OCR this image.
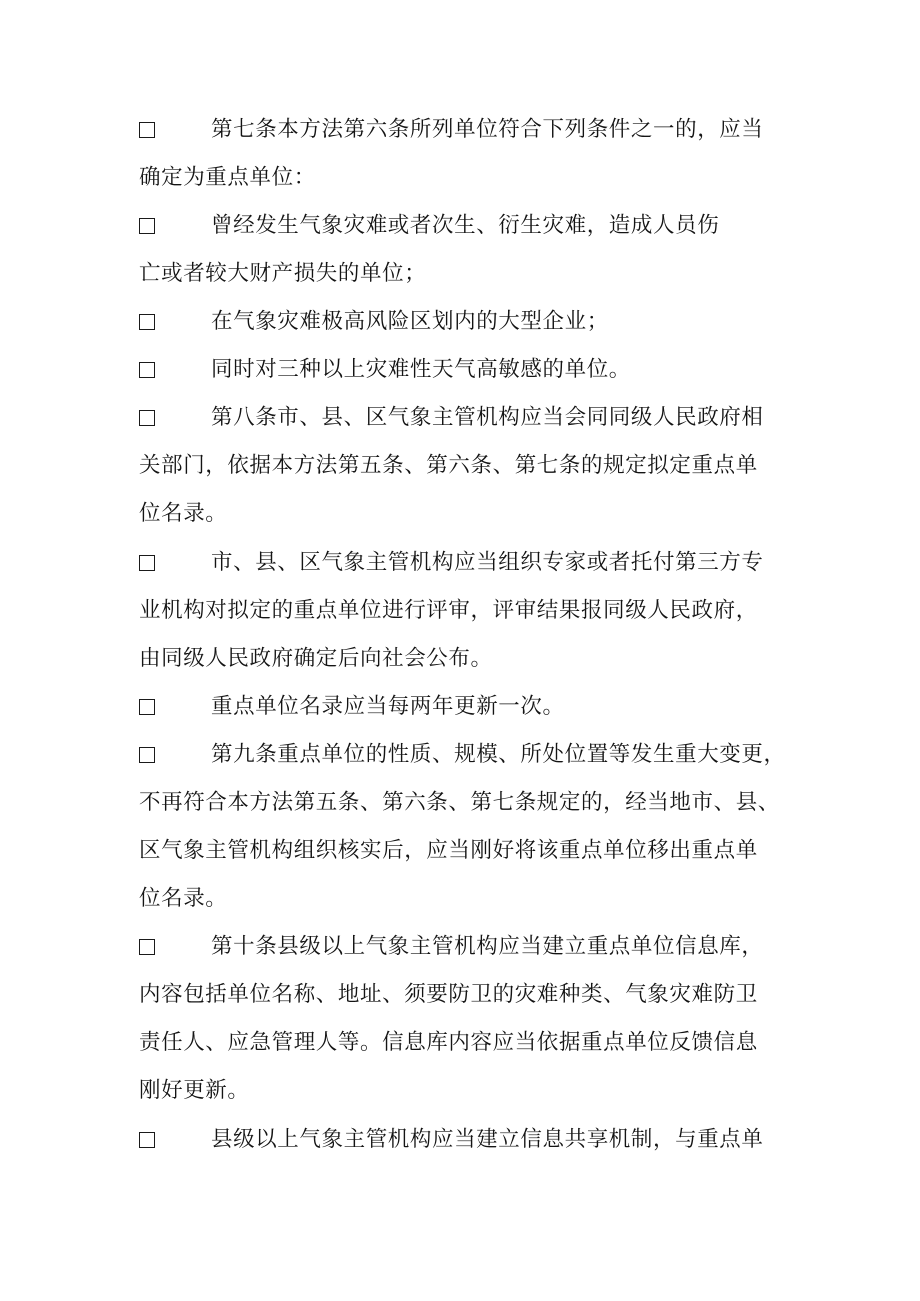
第七条本方法第六条所列单位符合下列条件之一的，应当
确定为重点单位：
曾经发生气象灾难或者次生、衍生灾难，造成人员伤
亡或者较大财产损失的单位；
在气象灾难极高风险区划内的大型企业；
同时对三种以上灾难性天气高敏感的单位。
第八条市、县、区气象主管机构应当会同同级人民政府相
关部门，依据本方法第五条、第六条、第七条的规定拟定重点单
位名录。
市、县、区气象主管机构应当组织专家或者托付第三方专
业机构对拟定的重点单位进行评审，评审结果报同级人民政府，
由同级人民政府确定后向社会公布。
重点单位名录应当每两年更新一次。
第九条重点单位的性质、规模、所处位置等发生重大变更，
不再符合本方法第五条、第六条、第七条规定的，经当地市、县、
区气象主管机构组织核实后，应当刚好将该重点单位移出重点单
位名录。
第十条县级以上气象主管机构应当建立重点单位信息库，
内容包括单位名称、地址、须要防卫的灾难种类、气象灾难防卫
责任人、应急管理人等。信息库内容应当依据重点单位反馈信息
刚好更新。
县级以上气象主管机构应当建立信息共享机制，与重点单
